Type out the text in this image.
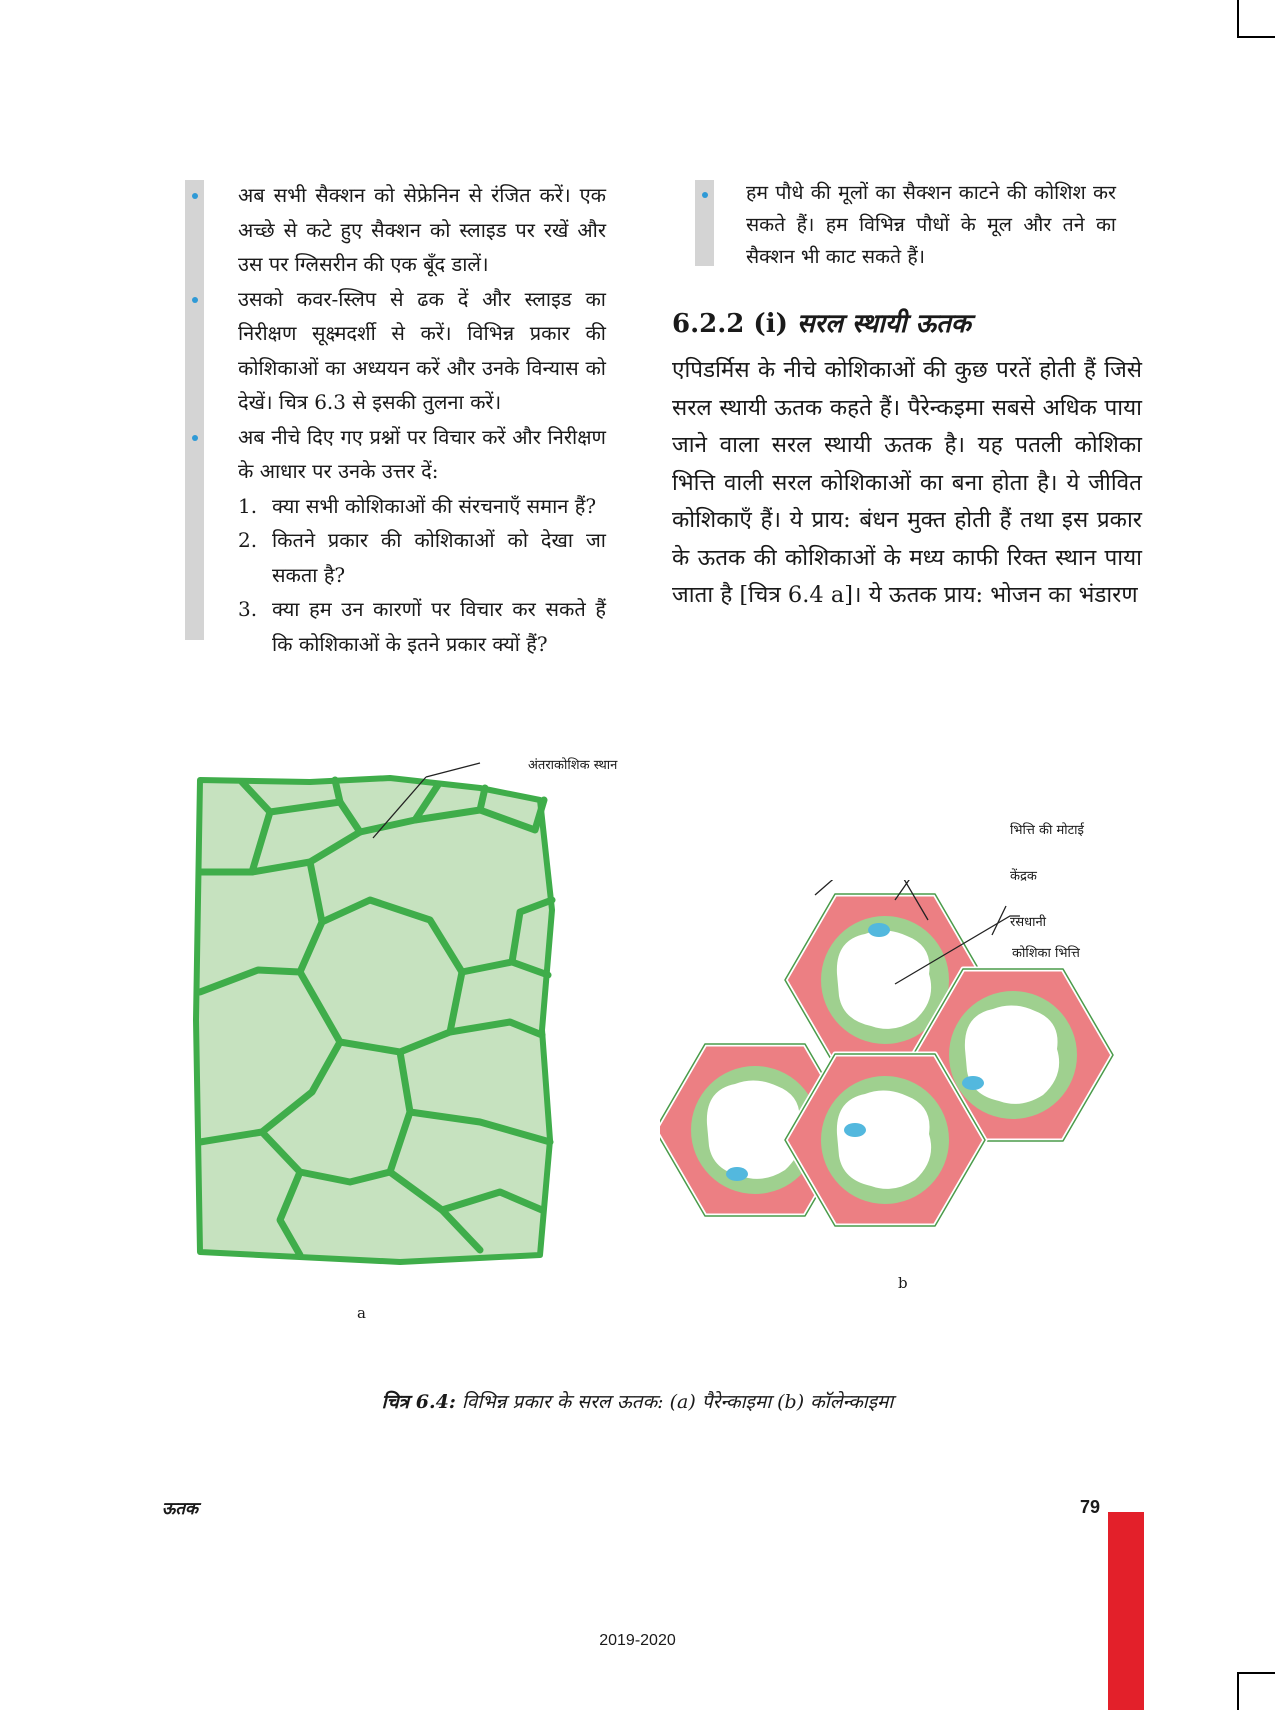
अब सभी सैक्शन को सेफ्रेनिन से रंजित करें। एक अच्छे से कटे हुए सैक्शन को स्लाइड पर रखें और उस पर ग्लिसरीन की एक बूँद डालें।
उसको कवर-स्लिप से ढक दें और स्लाइड का निरीक्षण सूक्ष्मदर्शी से करें। विभिन्न प्रकार की कोशिकाओं का अध्ययन करें और उनके विन्यास को देखें। चित्र 6.3 से इसकी तुलना करें।
अब नीचे दिए गए प्रश्नों पर विचार करें और निरीक्षण के आधार पर उनके उत्तर दें:
1. क्या सभी कोशिकाओं की संरचनाएँ समान हैं?
2. कितने प्रकार की कोशिकाओं को देखा जा सकता है?
3. क्या हम उन कारणों पर विचार कर सकते हैं कि कोशिकाओं के इतने प्रकार क्यों हैं?
हम पौधे की मूलों का सैक्शन काटने की कोशिश कर सकते हैं। हम विभिन्न पौधों के मूल और तने का सैक्शन भी काट सकते हैं।
6.2.2 (i) सरल स्थायी ऊतक

एपिडर्मिस के नीचे कोशिकाओं की कुछ परतें होती हैं जिसे सरल स्थायी ऊतक कहते हैं। पैरेन्कइमा सबसे अधिक पाया जाने वाला सरल स्थायी ऊतक है। यह पतली कोशिका भित्ति वाली सरल कोशिकाओं का बना होता है। ये जीवित कोशिकाएँ हैं। ये प्राय: बंधन मुक्त होती हैं तथा इस प्रकार के ऊतक की कोशिकाओं के मध्य काफी रिक्त स्थान पाया जाता है [चित्र 6.4 a]। ये ऊतक प्राय: भोजन का भंडारण

अंतराकोशिक स्थान
a
भित्ति की मोटाई
केंद्रक
रसधानी
कोशिका भित्ति
b

चित्र 6.4: विभिन्न प्रकार के सरल ऊतक: (a) पैरेन्काइमा (b) कॉलेन्काइमा

ऊतक	79

2019-2020
